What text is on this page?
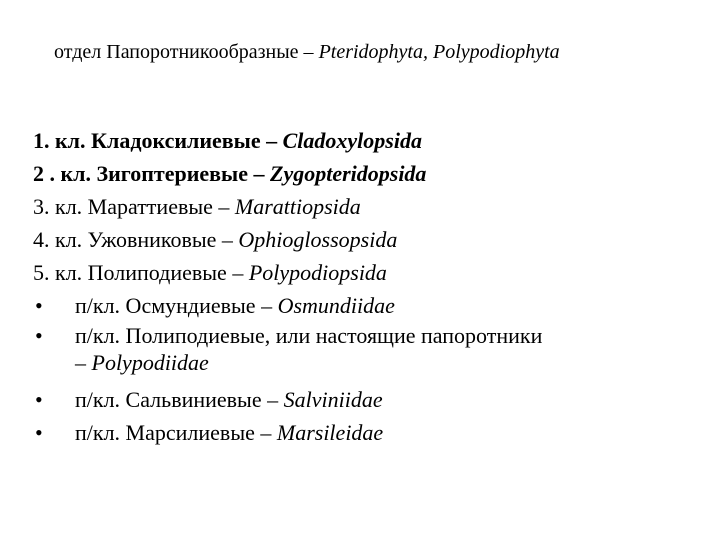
отдел Папоротникообразные – Pteridophyta, Polypodiophyta
1. кл. Кладоксилиевые – Cladoxylopsida
2 . кл. Зигоптериевые – Zygopteridopsida
3. кл. Мараттиевые – Marattiopsida
4. кл. Ужовниковые – Ophioglossopsida
5. кл. Полиподиевые – Polypodiopsida
• п/кл. Осмундиевые – Osmundiidae
• п/кл. Полиподиевые, или настоящие папоротники
– Polypodiidae
• п/кл. Сальвиниевые – Salviniidae
• п/кл. Марсилиевые – Marsileidae
